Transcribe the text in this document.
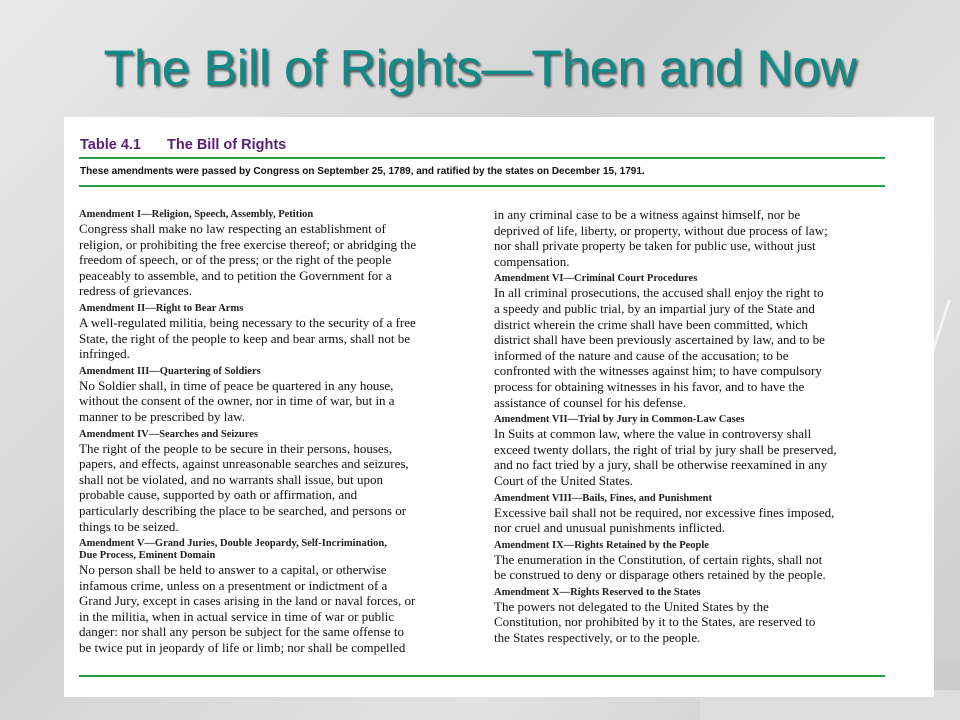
The Bill of Rights—Then and Now
Table 4.1 The Bill of Rights
These amendments were passed by Congress on September 25, 1789, and ratified by the states on December 15, 1791.
Amendment I—Religion, Speech, Assembly, Petition
Congress shall make no law respecting an establishment of
religion, or prohibiting the free exercise thereof; or abridging the
freedom of speech, or of the press; or the right of the people
peaceably to assemble, and to petition the Government for a
redress of grievances.
Amendment II—Right to Bear Arms
A well-regulated militia, being necessary to the security of a free
State, the right of the people to keep and bear arms, shall not be
infringed.
Amendment III—Quartering of Soldiers
No Soldier shall, in time of peace be quartered in any house,
without the consent of the owner, nor in time of war, but in a
manner to be prescribed by law.
Amendment IV—Searches and Seizures
The right of the people to be secure in their persons, houses,
papers, and effects, against unreasonable searches and seizures,
shall not be violated, and no warrants shall issue, but upon
probable cause, supported by oath or affirmation, and
particularly describing the place to be searched, and persons or
things to be seized.
Amendment V—Grand Juries, Double Jeopardy, Self-Incrimination,
Due Process, Eminent Domain
No person shall be held to answer to a capital, or otherwise
infamous crime, unless on a presentment or indictment of a
Grand Jury, except in cases arising in the land or naval forces, or
in the militia, when in actual service in time of war or public
danger: nor shall any person be subject for the same offense to
be twice put in jeopardy of life or limb; nor shall be compelled
in any criminal case to be a witness against himself, nor be
deprived of life, liberty, or property, without due process of law;
nor shall private property be taken for public use, without just
compensation.
Amendment VI—Criminal Court Procedures
In all criminal prosecutions, the accused shall enjoy the right to
a speedy and public trial, by an impartial jury of the State and
district wherein the crime shall have been committed, which
district shall have been previously ascertained by law, and to be
informed of the nature and cause of the accusation; to be
confronted with the witnesses against him; to have compulsory
process for obtaining witnesses in his favor, and to have the
assistance of counsel for his defense.
Amendment VII—Trial by Jury in Common-Law Cases
In Suits at common law, where the value in controversy shall
exceed twenty dollars, the right of trial by jury shall be preserved,
and no fact tried by a jury, shall be otherwise reexamined in any
Court of the United States.
Amendment VIII—Bails, Fines, and Punishment
Excessive bail shall not be required, nor excessive fines imposed,
nor cruel and unusual punishments inflicted.
Amendment IX—Rights Retained by the People
The enumeration in the Constitution, of certain rights, shall not
be construed to deny or disparage others retained by the people.
Amendment X—Rights Reserved to the States
The powers not delegated to the United States by the
Constitution, nor prohibited by it to the States, are reserved to
the States respectively, or to the people.
